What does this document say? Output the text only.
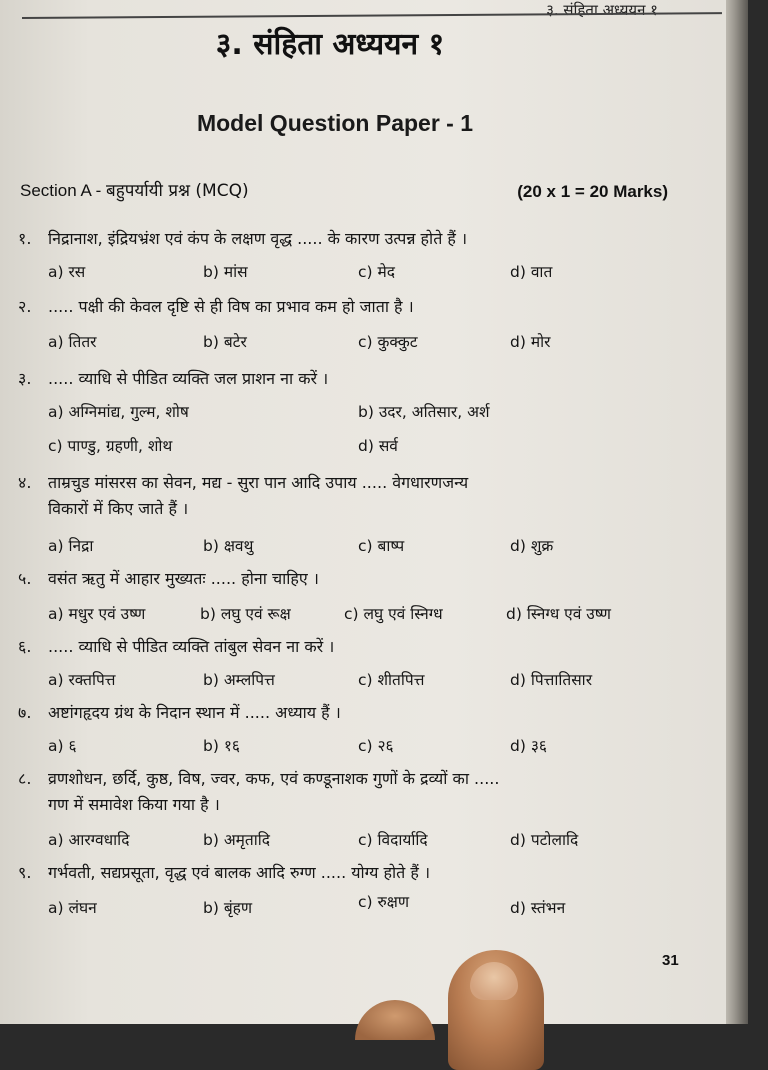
३. संहिता अध्ययन १
३. संहिता अध्ययन १
Model Question Paper - 1
Section A - बहुपर्यायी प्रश्न (MCQ)	(20 x 1 = 20 Marks)
१. निद्रानाश, इंद्रियभ्रंश एवं कंप के लक्षण वृद्ध ..... के कारण उत्पन्न होते हैं ।
a) रस	b) मांस	c) मेद	d) वात
२. ..... पक्षी की केवल दृष्टि से ही विष का प्रभाव कम हो जाता है ।
a) तितर	b) बटेर	c) कुक्कुट	d) मोर
३. ..... व्याधि से पीडित व्यक्ति जल प्राशन ना करें ।
a) अग्निमांद्य, गुल्म, शोष	b) उदर, अतिसार, अर्श
c) पाण्डु, ग्रहणी, शोथ	d) सर्व
४. ताम्रचुड मांसरस का सेवन, मद्य - सुरा पान आदि उपाय ..... वेगधारणजन्य
विकारों में किए जाते हैं ।
a) निद्रा	b) क्षवथु	c) बाष्प	d) शुक्र
५. वसंत ऋतु में आहार मुख्यतः ..... होना चाहिए ।
a) मधुर एवं उष्ण	b) लघु एवं रूक्ष	c) लघु एवं स्निग्ध	d) स्निग्ध एवं उष्ण
६. ..... व्याधि से पीडित व्यक्ति तांबुल सेवन ना करें ।
a) रक्तपित्त	b) अम्लपित्त	c) शीतपित्त	d) पित्तातिसार
७. अष्टांगहृदय ग्रंथ के निदान स्थान में ..... अध्याय हैं ।
a) ६	b) १६	c) २६	d) ३६
८. व्रणशोधन, छर्दि, कुष्ठ, विष, ज्वर, कफ, एवं कण्डूनाशक गुणों के द्रव्यों का .....
गण में समावेश किया गया है ।
a) आरग्वधादि	b) अमृतादि	c) विदार्यादि	d) पटोलादि
९. गर्भवती, सद्यप्रसूता, वृद्ध एवं बालक आदि रुग्ण ..... योग्य होते हैं ।
a) लंघन	b) बृंहण	c) रुक्षण	d) स्तंभन
31
